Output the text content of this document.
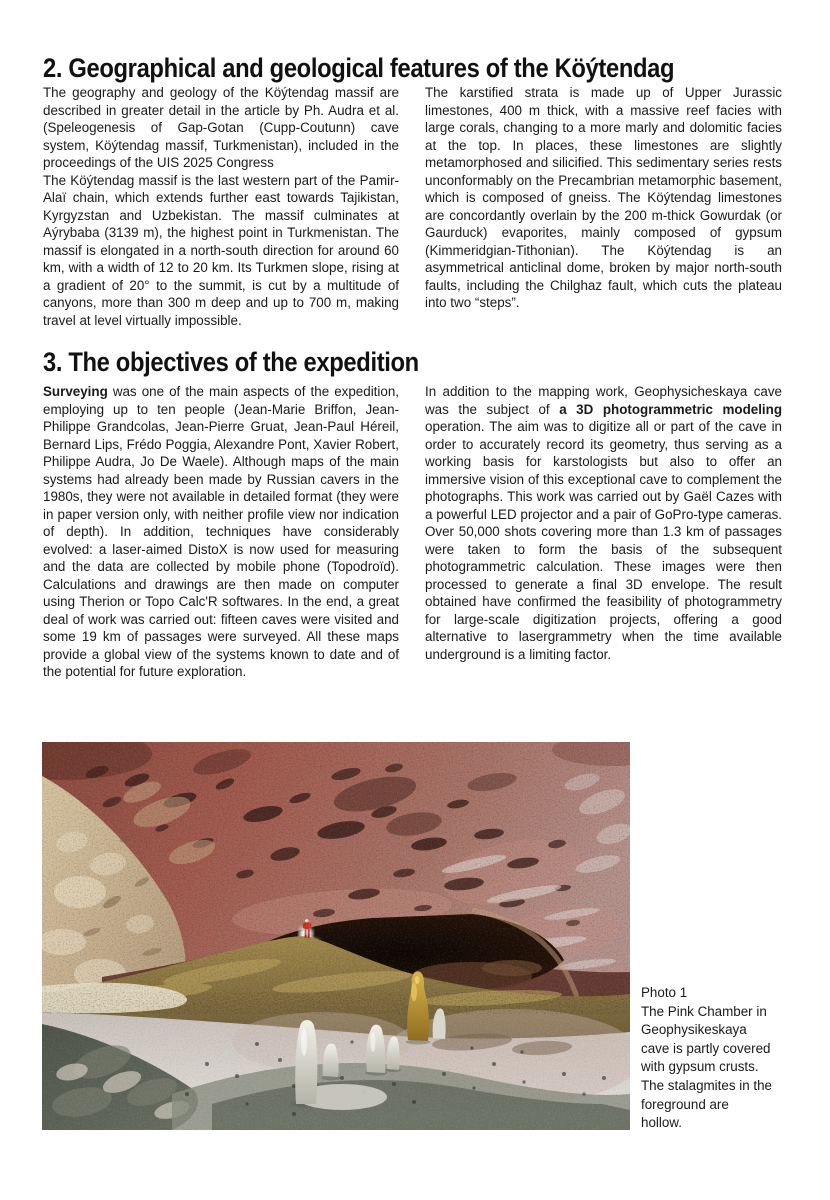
2. Geographical and geological features of the Köýtendag

The geography and geology of the Köýtendag massif are described in greater detail in the article by Ph. Audra et al. (Speleogenesis of Gap-Gotan (Cupp-Coutunn) cave system, Köýtendag massif, Turkmenistan), included in the proceedings of the UIS 2025 Congress

The Köýtendag massif is the last western part of the Pamir-Alaï chain, which extends further east towards Tajikistan, Kyrgyzstan and Uzbekistan. The massif culminates at Aýrybaba (3139 m), the highest point in Turkmenistan. The massif is elongated in a north-south direction for around 60 km, with a width of 12 to 20 km. Its Turkmen slope, rising at a gradient of 20° to the summit, is cut by a multitude of canyons, more than 300 m deep and up to 700 m, making travel at level virtually impossible.

The karstified strata is made up of Upper Jurassic limestones, 400 m thick, with a massive reef facies with large corals, changing to a more marly and dolomitic facies at the top. In places, these limestones are slightly metamorphosed and silicified. This sedimentary series rests unconformably on the Precambrian metamorphic basement, which is composed of gneiss. The Köýtendag limestones are concordantly overlain by the 200 m-thick Gowurdak (or Gaurduck) evaporites, mainly composed of gypsum (Kimmeridgian-Tithonian). The Köýtendag is an asymmetrical anticlinal dome, broken by major north-south faults, including the Chilghaz fault, which cuts the plateau into two “steps”.

3. The objectives of the expedition

Surveying was one of the main aspects of the expedition, employing up to ten people (Jean-Marie Briffon, Jean-Philippe Grandcolas, Jean-Pierre Gruat, Jean-Paul Héreil, Bernard Lips, Frédo Poggia, Alexandre Pont, Xavier Robert, Philippe Audra, Jo De Waele). Although maps of the main systems had already been made by Russian cavers in the 1980s, they were not available in detailed format (they were in paper version only, with neither profile view nor indication of depth). In addition, techniques have considerably evolved: a laser-aimed DistoX is now used for measuring and the data are collected by mobile phone (Topodroïd). Calculations and drawings are then made on computer using Therion or Topo Calc'R softwares. In the end, a great deal of work was carried out: fifteen caves were visited and some 19 km of passages were surveyed. All these maps provide a global view of the systems known to date and of the potential for future exploration.

In addition to the mapping work, Geophysicheskaya cave was the subject of a 3D photogrammetric modeling operation. The aim was to digitize all or part of the cave in order to accurately record its geometry, thus serving as a working basis for karstologists but also to offer an immersive vision of this exceptional cave to complement the photographs. This work was carried out by Gaël Cazes with a powerful LED projector and a pair of GoPro-type cameras. Over 50,000 shots covering more than 1.3 km of passages were taken to form the basis of the subsequent photogrammetric calculation. These images were then processed to generate a final 3D envelope. The result obtained have confirmed the feasibility of photogrammetry for large-scale digitization projects, offering a good alternative to lasergrammetry when the time available underground is a limiting factor.

Photo 1
The Pink Chamber in
Geophysikeskaya
cave is partly covered
with gypsum crusts.
The stalagmites in the
foreground are
hollow.
